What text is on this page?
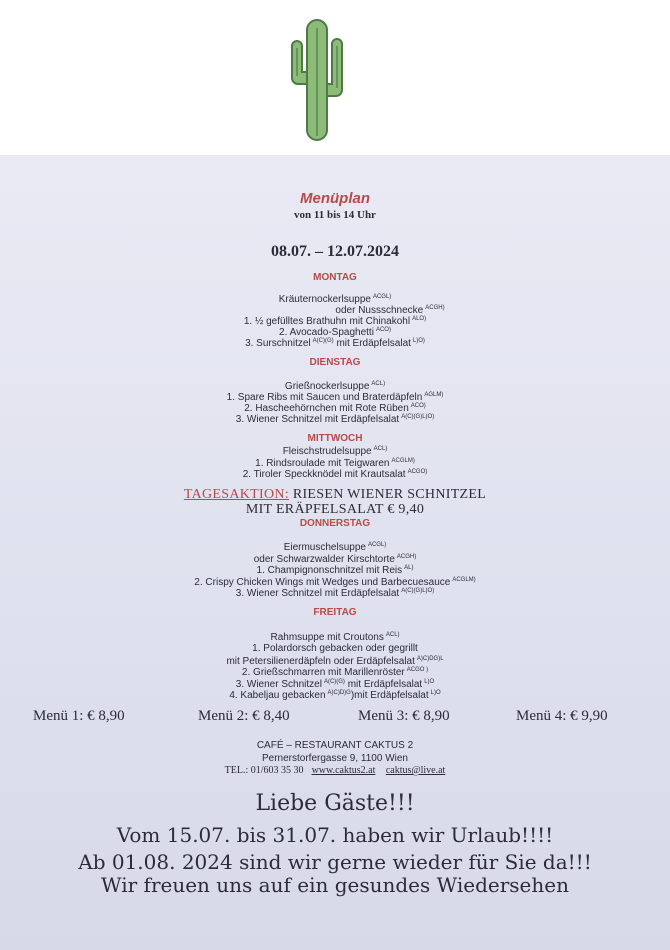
Menüplan
von 11 bis 14 Uhr
08.07. – 12.07.2024
MONTAG
Kräuternockerlsuppe $^{ACGL)}$
oder Nussschnecke $^{ACGH)}$
1. ½ gefülltes Brathuhn mit Chinakohl $^{ALO)}$
2. Avocado-Spaghetti $^{ACO)}$
3. Surschnitzel $^{A(C)(G)}$ mit Erdäpfelsalat $^{L)O)}$
DIENSTAG
Grießnockerlsuppe $^{ACL)}$
1. Spare Ribs mit Saucen und Braterdäpfeln $^{AGLM)}$
2. Hascheehörnchen mit Rote Rüben $^{ACO)}$
3. Wiener Schnitzel mit Erdäpfelsalat $^{A(C)(G)L)O)}$
MITTWOCH
Fleischstrudelsuppe $^{ACL)}$
1. Rindsroulade mit Teigwaren $^{ACGLM)}$
2. Tiroler Speckknödel mit Krautsalat $^{ACGO)}$
TAGESAKTION: RIESEN WIENER SCHNITZEL
MIT ERÄPFELSALAT € 9,40
DONNERSTAG
Eiermuschelsuppe $^{ACGL)}$
oder Schwarzwalder Kirschtorte $^{ACGH)}$
1. Champignonschnitzel mit Reis $^{AL)}$
2. Crispy Chicken Wings mit Wedges und Barbecuesauce $^{ACGLM)}$
3. Wiener Schnitzel mit Erdäpfelsalat $^{A(C)(G)L)O)}$
FREITAG
Rahmsuppe mit Croutons $^{ACL)}$
1. Polardorsch gebacken oder gegrillt
mit Petersilienerdäpfeln oder Erdäpfelsalat $^{A)C)DG)L}$
2. Grießschmarren mit Marillenröster $^{ACGO )}$
3. Wiener Schnitzel $^{A(C)(G)}$ mit Erdäpfelsalat $^{L)O}$
4. Kabeljau gebacken $^{A)C)D)G}$)mit Erdäpfelsalat $^{L)O}$
Menü 1: € 8,90	Menü 2: € 8,40	Menü 3: € 8,90	Menü 4: € 9,90
CAFÉ – RESTAURANT CAKTUS 2
Pernerstorfergasse 9, 1100 Wien
TEL.: 01/603 35 30 www.caktus2.at caktus@live.at
Liebe Gäste!!!
Vom 15.07. bis 31.07. haben wir Urlaub!!!!
Ab 01.08. 2024 sind wir gerne wieder für Sie da!!!
Wir freuen uns auf ein gesundes Wiedersehen
